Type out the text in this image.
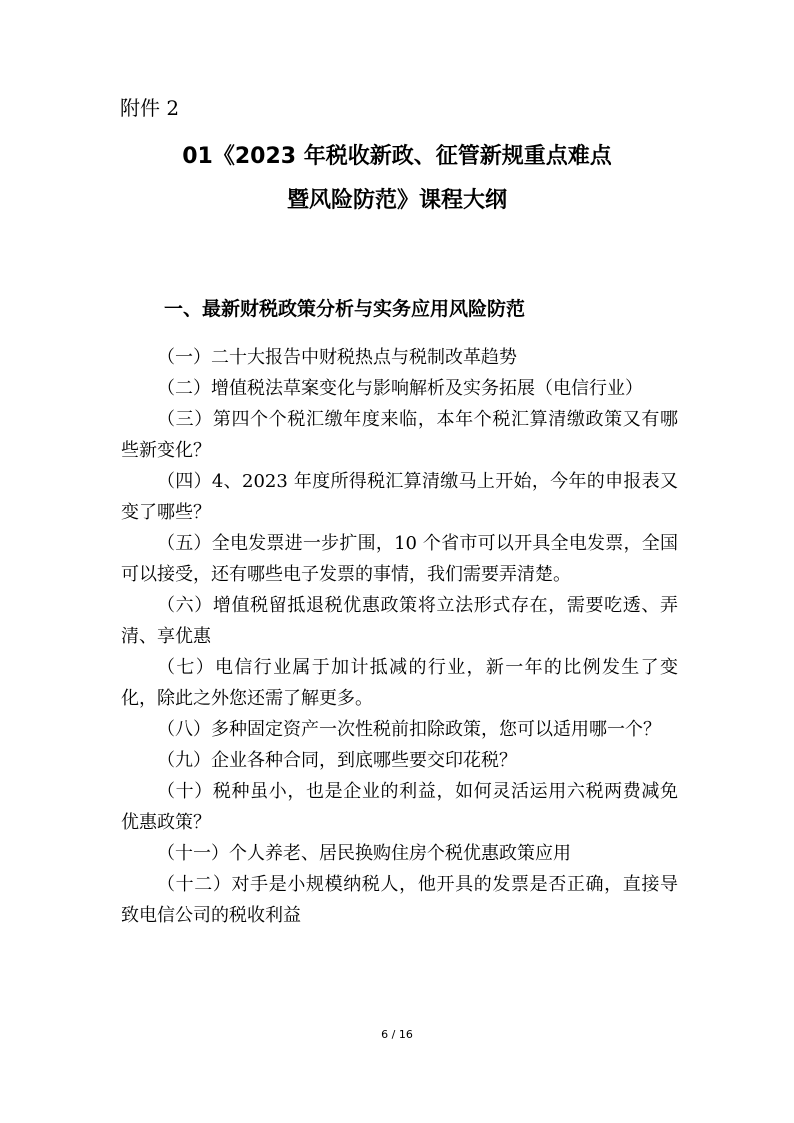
附件 2
01《2023 年税收新政、征管新规重点难点
暨风险防范》课程大纲
一、最新财税政策分析与实务应用风险防范
（一）二十大报告中财税热点与税制改革趋势
（二）增值税法草案变化与影响解析及实务拓展（电信行业）
（三）第四个个税汇缴年度来临，本年个税汇算清缴政策又有哪些新变化？
（四）4、2023 年度所得税汇算清缴马上开始，今年的申报表又变了哪些？
（五）全电发票进一步扩围，10 个省市可以开具全电发票，全国可以接受，还有哪些电子发票的事情，我们需要弄清楚。
（六）增值税留抵退税优惠政策将立法形式存在，需要吃透、弄清、享优惠
（七）电信行业属于加计抵减的行业，新一年的比例发生了变化，除此之外您还需了解更多。
（八）多种固定资产一次性税前扣除政策，您可以适用哪一个？
（九）企业各种合同，到底哪些要交印花税？
（十）税种虽小，也是企业的利益，如何灵活运用六税两费减免优惠政策？
（十一）个人养老、居民换购住房个税优惠政策应用
（十二）对手是小规模纳税人，他开具的发票是否正确，直接导致电信公司的税收利益
6 / 16
